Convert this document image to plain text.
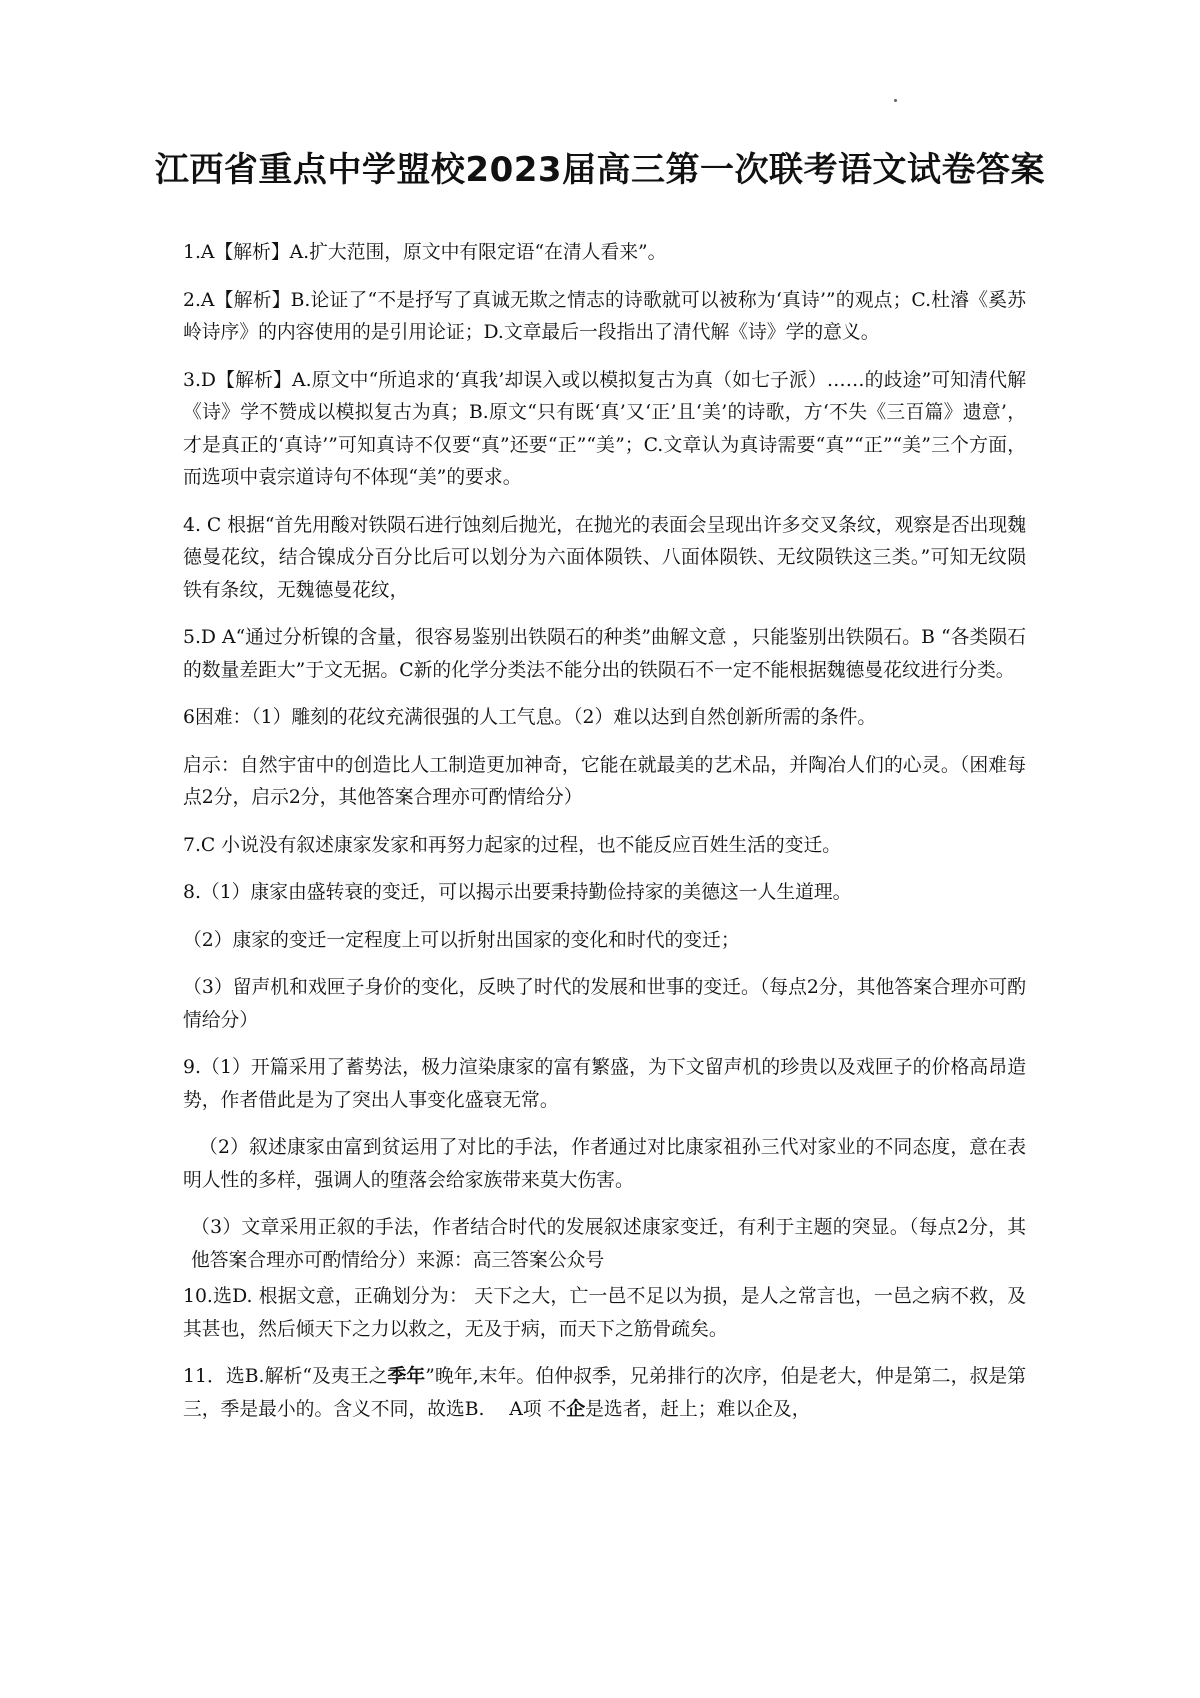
江西省重点中学盟校2023届高三第一次联考语文试卷答案

1.A【解析】A.扩大范围，原文中有限定语“在清人看来”。

2.A【解析】B.论证了“不是抒写了真诚无欺之情志的诗歌就可以被称为‘真诗’”的观点；C.杜濬《奚苏岭诗序》的内容使用的是引用论证；D.文章最后一段指出了清代解《诗》学的意义。

3.D【解析】A.原文中“所追求的‘真我’却误入或以模拟复古为真（如七子派）……的歧途”可知清代解《诗》学不赞成以模拟复古为真；B.原文“只有既‘真’又‘正’且‘美’的诗歌，方‘不失《三百篇》遗意’，才是真正的‘真诗’”可知真诗不仅要“真”还要“正”“美”；C.文章认为真诗需要“真”“正”“美”三个方面，而选项中袁宗道诗句不体现“美”的要求。

4. C 根据“首先用酸对铁陨石进行蚀刻后抛光，在抛光的表面会呈现出许多交叉条纹，观察是否出现魏德曼花纹，结合镍成分百分比后可以划分为六面体陨铁、八面体陨铁、无纹陨铁这三类。”可知无纹陨铁有条纹，无魏德曼花纹，

5.D A“通过分析镍的含量，很容易鉴别出铁陨石的种类”曲解文意 ，只能鉴别出铁陨石。B “各类陨石的数量差距大”于文无据。C新的化学分类法不能分出的铁陨石不一定不能根据魏德曼花纹进行分类。

6困难：（1）雕刻的花纹充满很强的人工气息。（2）难以达到自然创新所需的条件。

启示：自然宇宙中的创造比人工制造更加神奇，它能在就最美的艺术品，并陶冶人们的心灵。（困难每点2分，启示2分，其他答案合理亦可酌情给分）

7.C 小说没有叙述康家发家和再努力起家的过程，也不能反应百姓生活的变迁。

8.（1）康家由盛转衰的变迁，可以揭示出要秉持勤俭持家的美德这一人生道理。

（2）康家的变迁一定程度上可以折射出国家的变化和时代的变迁；

（3）留声机和戏匣子身价的变化，反映了时代的发展和世事的变迁。（每点2分，其他答案合理亦可酌情给分）

9.（1）开篇采用了蓄势法，极力渲染康家的富有繁盛，为下文留声机的珍贵以及戏匣子的价格高昂造势，作者借此是为了突出人事变化盛衰无常。

（2）叙述康家由富到贫运用了对比的手法，作者通过对比康家祖孙三代对家业的不同态度，意在表明人性的多样，强调人的堕落会给家族带来莫大伤害。

（3）文章采用正叙的手法，作者结合时代的发展叙述康家变迁，有利于主题的突显。（每点2分，其他答案合理亦可酌情给分）来源：高三答案公众号

10.选D. 根据文意，正确划分为： 天下之大，亡一邑不足以为损，是人之常言也，一邑之病不救，及其甚也，然后倾天下之力以救之，无及于病，而天下之筋骨疏矣。

11．选B.解析“及夷王之季年”晚年,末年。伯仲叔季，兄弟排行的次序，伯是老大，仲是第二，叔是第三，季是最小的。含义不同，故选B.　 A项 不企是选者，赶上；难以企及，
